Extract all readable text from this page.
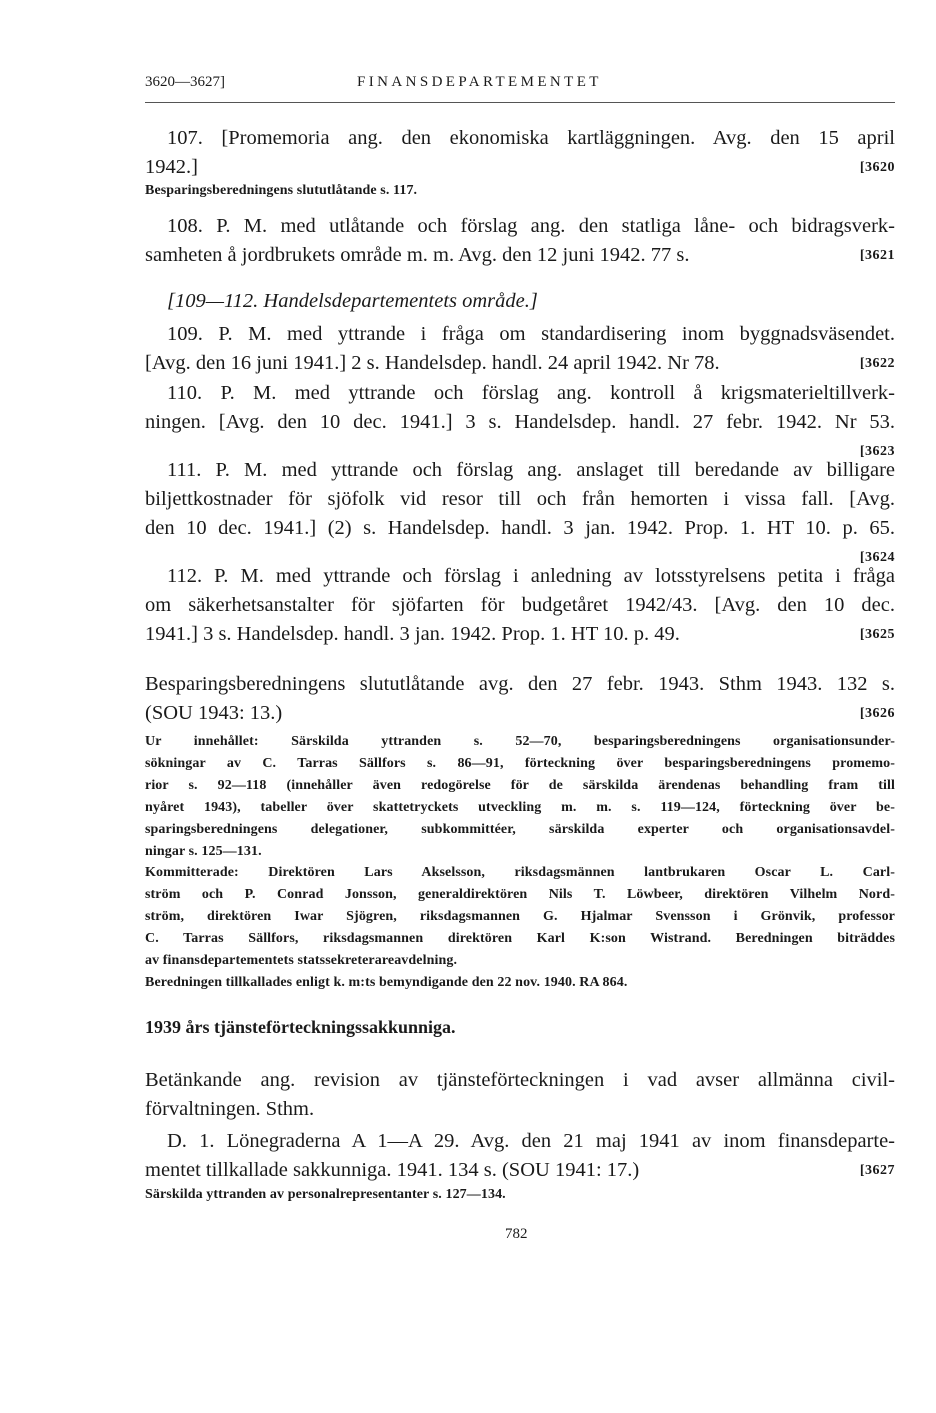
3620—3627]	FINANSDEPARTEMENTET
107. [Promemoria ang. den ekonomiska kartläggningen. Avg. den 15 april
1942.]	[3620
Besparingsberedningens slututlåtande s. 117.
108. P. M. med utlåtande och förslag ang. den statliga låne- och bidragsverk-
samheten å jordbrukets område m. m. Avg. den 12 juni 1942. 77 s.	[3621
[109—112. Handelsdepartementets område.]
109. P. M. med yttrande i fråga om standardisering inom byggnadsväsendet.
[Avg. den 16 juni 1941.] 2 s. Handelsdep. handl. 24 april 1942. Nr 78.	[3622
110. P. M. med yttrande och förslag ang. kontroll å krigsmaterieltillverk-
ningen. [Avg. den 10 dec. 1941.] 3 s. Handelsdep. handl. 27 febr. 1942. Nr 53.
[3623
111. P. M. med yttrande och förslag ang. anslaget till beredande av billigare
biljettkostnader för sjöfolk vid resor till och från hemorten i vissa fall. [Avg.
den 10 dec. 1941.] (2) s. Handelsdep. handl. 3 jan. 1942. Prop. 1. HT 10. p. 65.
[3624
112. P. M. med yttrande och förslag i anledning av lotsstyrelsens petita i fråga
om säkerhetsanstalter för sjöfarten för budgetåret 1942/43. [Avg. den 10 dec.
1941.] 3 s. Handelsdep. handl. 3 jan. 1942. Prop. 1. HT 10. p. 49.	[3625
Besparingsberedningens slututlåtande avg. den 27 febr. 1943. Sthm 1943. 132 s.
(SOU 1943: 13.)	[3626
Ur innehållet: Särskilda yttranden s. 52—70, besparingsberedningens organisationsunder-
sökningar av C. Tarras Sällfors s. 86—91, förteckning över besparingsberedningens promemo-
rior s. 92—118 (innehåller även redogörelse för de särskilda ärendenas behandling fram till
nyåret 1943), tabeller över skattetryckets utveckling m. m. s. 119—124, förteckning över be-
sparingsberedningens delegationer, subkommittéer, särskilda experter och organisationsavdel-
ningar s. 125—131.
Kommitterade: Direktören Lars Akselsson, riksdagsmännen lantbrukaren Oscar L. Carl-
ström och P. Conrad Jonsson, generaldirektören Nils T. Löwbeer, direktören Vilhelm Nord-
ström, direktören Iwar Sjögren, riksdagsmannen G. Hjalmar Svensson i Grönvik, professor
C. Tarras Sällfors, riksdagsmannen direktören Karl K:son Wistrand. Beredningen biträddes
av finansdepartementets statssekreterareavdelning.
Beredningen tillkallades enligt k. m:ts bemyndigande den 22 nov. 1940. RA 864.
1939 års tjänsteförteckningssakkunniga.
Betänkande ang. revision av tjänsteförteckningen i vad avser allmänna civil-
förvaltningen. Sthm.
D. 1. Lönegraderna A 1—A 29. Avg. den 21 maj 1941 av inom finansdeparte-
mentet tillkallade sakkunniga. 1941. 134 s. (SOU 1941: 17.)	[3627
Särskilda yttranden av personalrepresentanter s. 127—134.
782
